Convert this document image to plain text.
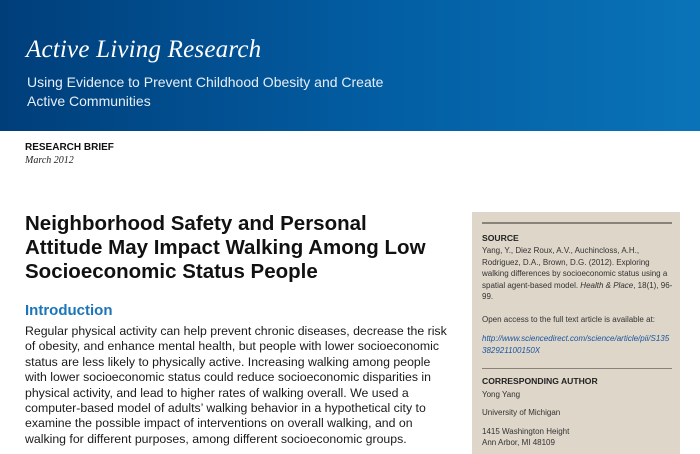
Active Living Research
Using Evidence to Prevent Childhood Obesity and Create Active Communities
RESEARCH BRIEF
March 2012
Neighborhood Safety and Personal Attitude May Impact Walking Among Low Socioeconomic Status People
Introduction
Regular physical activity can help prevent chronic diseases, decrease the risk of obesity, and enhance mental health, but people with lower socioeconomic status are less likely to physically active. Increasing walking among people with lower socioeconomic status could reduce socioeconomic disparities in physical activity, and lead to higher rates of walking overall. We used a computer-based model of adults’ walking behavior in a hypothetical city to examine the possible impact of interventions on overall walking, and on walking for different purposes, among different socioeconomic groups.
SOURCE
Yang, Y., Diez Roux, A.V., Auchincloss, A.H., Rodriguez, D.A., Brown, D.G. (2012). Exploring walking differences by socioeconomic status using a spatial agent-based model. Health & Place, 18(1), 96-99.
Open access to the full text article is available at:
http://www.sciencedirect.com/science/article/pii/S135382921100150X
CORRESPONDING AUTHOR
Yong Yang
University of Michigan
1415 Washington Height
Ann Arbor, MI 48109
